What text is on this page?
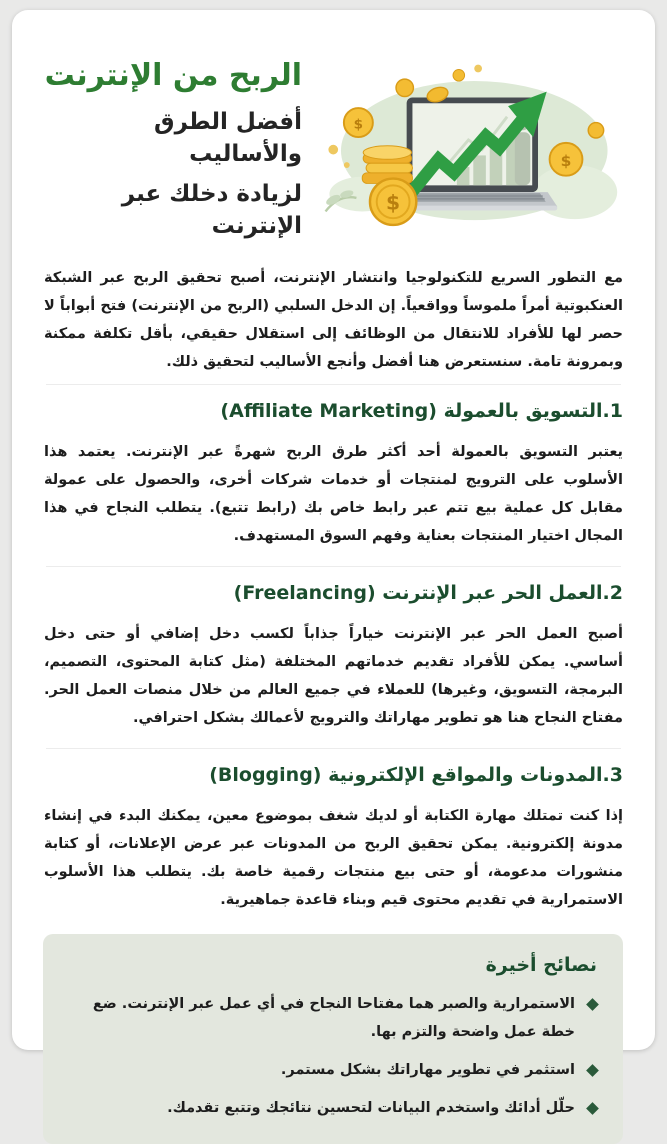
الربح من الإنترنت
أفضل الطرق والأساليب
لزيادة دخلك عبر الإنترنت
$
$
$

مع التطور السريع للتكنولوجيا وانتشار الإنترنت، أصبح تحقيق الربح عبر الشبكة العنكبوتية أمراً ملموساً وواقعياً. إن الدخل السلبي (الربح من الإنترنت) فتح أبواباً لا حصر لها للأفراد للانتقال من الوظائف إلى استقلال حقيقي، بأقل تكلفة ممكنة وبمرونة تامة. سنستعرض هنا أفضل وأنجع الأساليب لتحقيق ذلك.

1.التسويق بالعمولة (Affiliate Marketing)

يعتبر التسويق بالعمولة أحد أكثر طرق الربح شهرةً عبر الإنترنت. يعتمد هذا الأسلوب على الترويج لمنتجات أو خدمات شركات أخرى، والحصول على عمولة مقابل كل عملية بيع تتم عبر رابط خاص بك (رابط تتبع). يتطلب النجاح في هذا المجال اختيار المنتجات بعناية وفهم السوق المستهدف.

2.العمل الحر عبر الإنترنت (Freelancing)

أصبح العمل الحر عبر الإنترنت خياراً جذاباً لكسب دخل إضافي أو حتى دخل أساسي. يمكن للأفراد تقديم خدماتهم المختلفة (مثل كتابة المحتوى، التصميم، البرمجة، التسويق، وغيرها) للعملاء في جميع العالم من خلال منصات العمل الحر. مفتاح النجاح هنا هو تطوير مهاراتك والترويج لأعمالك بشكل احترافي.

3.المدونات والمواقع الإلكترونية (Blogging)

إذا كنت تمتلك مهارة الكتابة أو لديك شغف بموضوع معين، يمكنك البدء في إنشاء مدونة إلكترونية. يمكن تحقيق الربح من المدونات عبر عرض الإعلانات، أو كتابة منشورات مدعومة، أو حتى بيع منتجات رقمية خاصة بك. يتطلب هذا الأسلوب الاستمرارية في تقديم محتوى قيم وبناء قاعدة جماهيرية.

نصائح أخيرة

الاستمرارية والصبر هما مفتاحا النجاح في أي عمل عبر الإنترنت. ضع خطة عمل واضحة والتزم بها.

استثمر في تطوير مهاراتك بشكل مستمر.

حلّل أدائك واستخدم البيانات لتحسين نتائجك وتتبع تقدمك.
